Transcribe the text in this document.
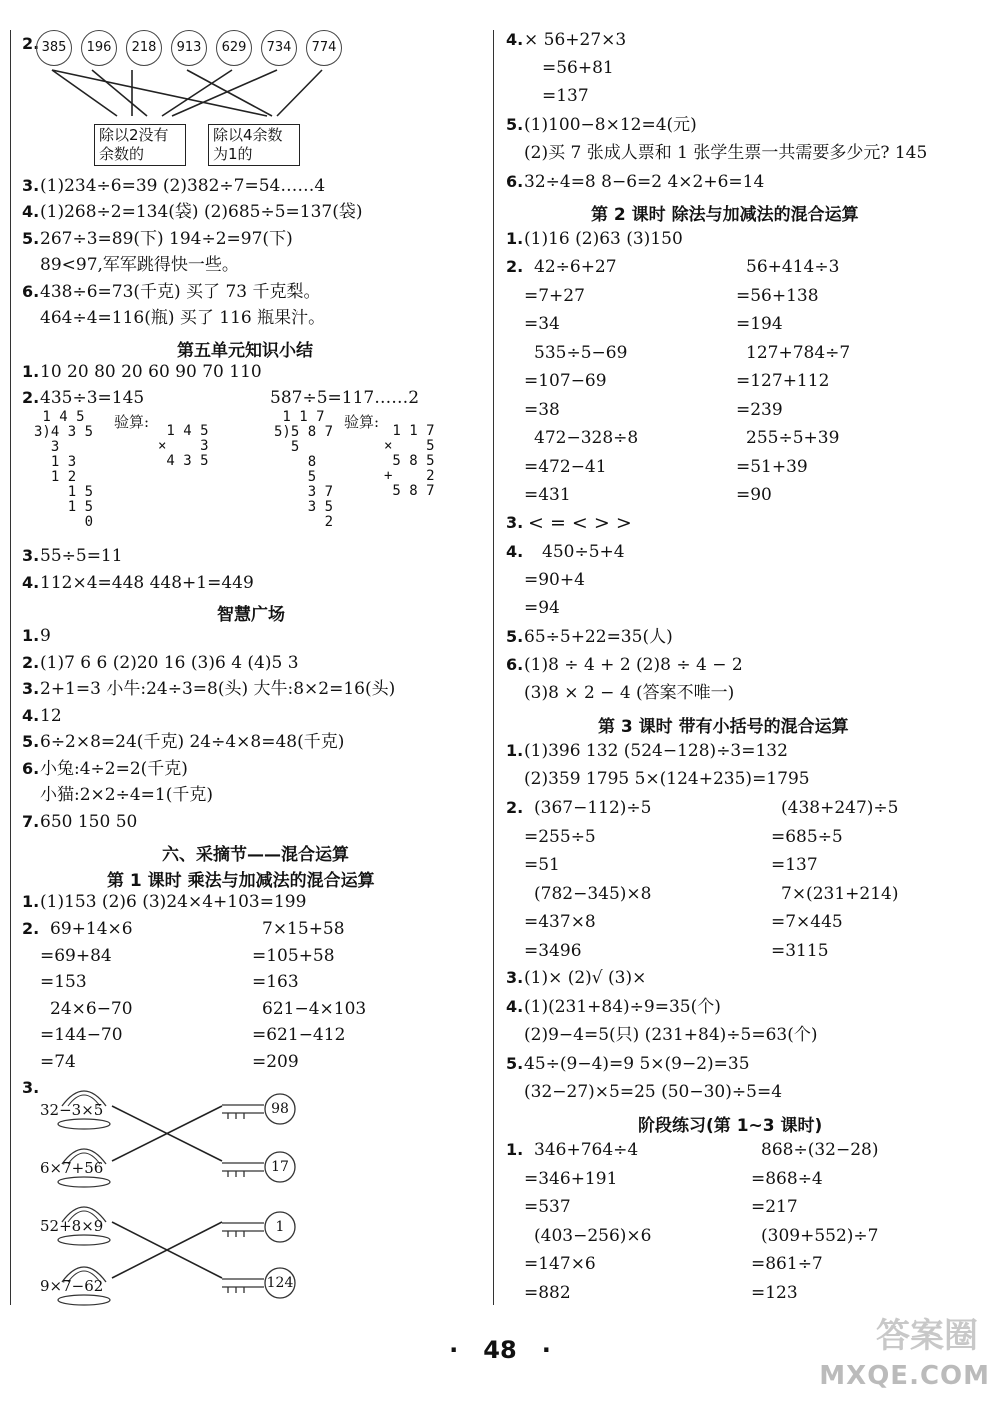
2. 385	196	218	913	629	734	774
除以2没有
余数的
除以4余数
为1的
3. (1)234÷6=39 (2)382÷7=54……4
4. (1)268÷2=134(袋) (2)685÷5=137(袋)
5. 267÷3=89(下) 194÷2=97(下)
89<97,军军跳得快一些。
6. 438÷6=73(千克) 买了 73 千克梨。
464÷4=116(瓶) 买了 116 瓶果汁。
第五单元知识小结
1. 10 20 80 20 60 90 70 110
2. 435÷3=145	587÷5=117……2
1 4 5
3)4 3 5
3
1 3
1 2
1 5
1 5
0
验算:	1 4 5
×    3
4 3 5
1 1 7
5)5 8 7
5
8
5
3 7
3 5
2
验算: 1 1 7
×    5
5 8 5
+    2
5 8 7
3. 55÷5=11
4. 112×4=448 448+1=449
智慧广场
1. 9
2. (1)7 6 6 (2)20 16 (3)6 4 (4)5 3
3. 2+1=3 小牛:24÷3=8(头) 大牛:8×2=16(头)
4. 12
5. 6÷2×8=24(千克) 24÷4×8=48(千克)
6. 小兔:4÷2=2(千克)
小猫:2×2÷4=1(千克)
7. 650 150 50
六、采摘节——混合运算
第 1 课时 乘法与加减法的混合运算
1. (1)153 (2)6 (3)24×4+103=199
2. 69+14×6	7×15+58
=69+84	=105+58
=153	=163
24×6−70	621−4×103
=144−70	=621−412
=74	=209
3.
32−3×5
6×7+56
52+8×9
9×7−62
98
17
1
124
4. × 56+27×3
=56+81
=137
5. (1)100−8×12=4(元)
(2)买 7 张成人票和 1 张学生票一共需要多少元? 145
6. 32÷4=8 8−6=2 4×2+6=14
第 2 课时 除法与加减法的混合运算
1. (1)16 (2)63 (3)150
2. 42÷6+27	56+414÷3
=7+27	=56+138
=34	=194
535÷5−69	127+784÷7
=107−69	=127+112
=38	=239
472−328÷8	255÷5+39
=472−41	=51+39
=431	=90
3. < = < > >
4. 450÷5+4
=90+4
=94
5. 65÷5+22=35(人)
6. (1)8 ÷ 4 + 2 (2)8 ÷ 4 − 2
(3)8 × 2 − 4 (答案不唯一)
第 3 课时 带有小括号的混合运算
1. (1)396 132 (524−128)÷3=132
(2)359 1795 5×(124+235)=1795
2. (367−112)÷5	(438+247)÷5
=255÷5	=685÷5
=51	=137
(782−345)×8	7×(231+214)
=437×8	=7×445
=3496	=3115
3. (1)× (2)√ (3)×
4. (1)(231+84)÷9=35(个)
(2)9−4=5(只) (231+84)÷5=63(个)
5. 45÷(9−4)=9 5×(9−2)=35
(32−27)×5=25 (50−30)÷5=4
阶段练习(第 1~3 课时)
1. 346+764÷4	868÷(32−28)
=346+191	=868÷4
=537	=217
(403−256)×6	(309+552)÷7
=147×6	=861÷7
=882	=123
·   48   ·	答案圈
MXQE.COM
